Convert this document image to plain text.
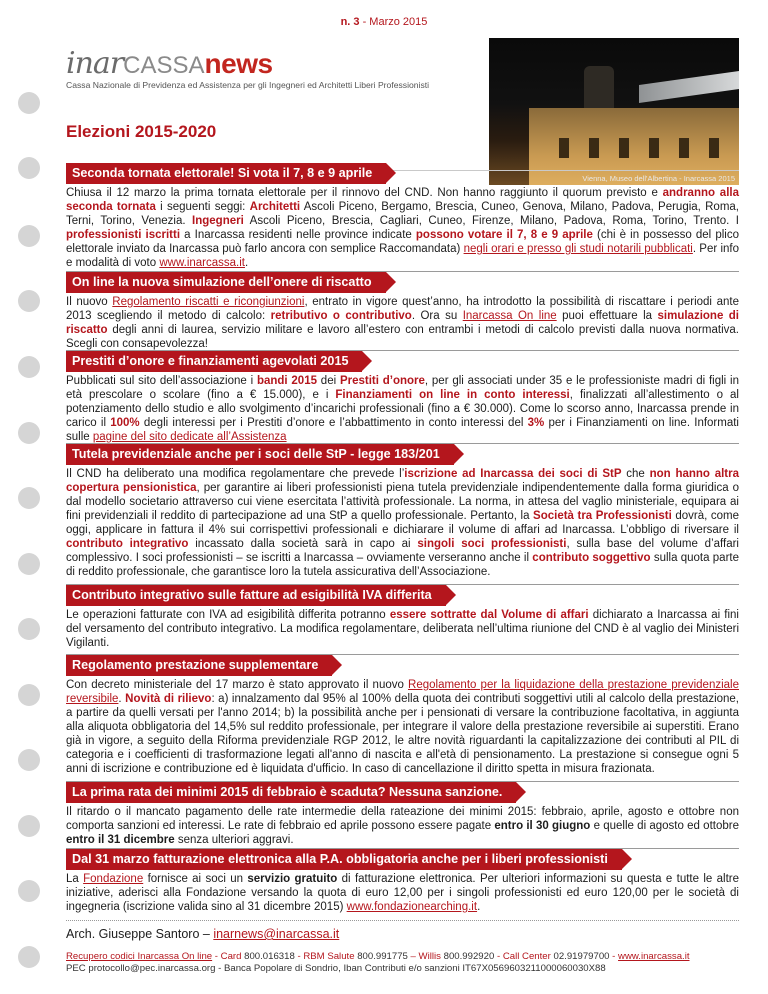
n. 3 - Marzo 2015
inar CASSA news
Cassa Nazionale di Previdenza ed Assistenza per gli Ingegneri ed Architetti Liberi Professionisti
Vienna, Museo dell'Albertina - Inarcassa 2015
Elezioni 2015-2020
Seconda tornata elettorale! Si vota il 7, 8 e 9 aprile
Chiusa il 12 marzo la prima tornata elettorale per il rinnovo del CND. Non hanno raggiunto il quorum previsto e andranno alla seconda tornata i seguenti seggi: Architetti Ascoli Piceno, Bergamo, Brescia, Cuneo, Genova, Milano, Padova, Perugia, Roma, Terni, Torino, Venezia. Ingegneri Ascoli Piceno, Brescia, Cagliari, Cuneo, Firenze, Milano, Padova, Roma, Torino, Trento. I professionisti iscritti a Inarcassa residenti nelle province indicate possono votare il 7, 8 e 9 aprile (chi è in possesso del plico elettorale inviato da Inarcassa può farlo ancora con semplice Raccomandata) negli orari e presso gli studi notarili pubblicati. Per info e modalità di voto www.inarcassa.it.
On line la nuova simulazione dell’onere di riscatto
Il nuovo Regolamento riscatti e ricongiunzioni, entrato in vigore quest’anno, ha introdotto la possibilità di riscattare i periodi ante 2013 scegliendo il metodo di calcolo: retributivo o contributivo. Ora su Inarcassa On line puoi effettuare la simulazione di riscatto degli anni di laurea, servizio militare e lavoro all’estero con entrambi i metodi di calcolo previsti dalla nuova normativa. Scegli con consapevolezza!
Prestiti d’onore e finanziamenti agevolati 2015
Pubblicati sul sito dell’associazione i bandi 2015 dei Prestiti d’onore, per gli associati under 35 e le professioniste madri di figli in età prescolare o scolare (fino a € 15.000), e i Finanziamenti on line in conto interessi, finalizzati all’allestimento o al potenziamento dello studio e allo svolgimento d’incarichi professionali (fino a € 30.000). Come lo scorso anno, Inarcassa prende in carico il 100% degli interessi per i Prestiti d’onore e l’abbattimento in conto interessi del 3% per i Finanziamenti on line. Informati sulle pagine del sito dedicate all’Assistenza
Tutela previdenziale anche per i soci delle StP - legge 183/201
Il CND ha deliberato una modifica regolamentare che prevede l’iscrizione ad Inarcassa dei soci di StP che non hanno altra copertura pensionistica, per garantire ai liberi professionisti piena tutela previdenziale indipendentemente dalla forma giuridica o dal modello societario attraverso cui viene esercitata l’attività professionale. La norma, in attesa del vaglio ministeriale, equipara ai fini previdenziali il reddito di partecipazione ad una StP a quello professionale. Pertanto, la Società tra Professionisti dovrà, come oggi, applicare in fattura il 4% sui corrispettivi professionali e dichiarare il volume di affari ad Inarcassa. L’obbligo di riversare il contributo integrativo incassato dalla società sarà in capo ai singoli soci professionisti, sulla base del volume d’affari complessivo. I soci professionisti – se iscritti a Inarcassa – ovviamente verseranno anche il contributo soggettivo sulla quota parte di reddito professionale, che garantisce loro la tutela assicurativa dell’Associazione.
Contributo integrativo sulle fatture ad esigibilità IVA differita
Le operazioni fatturate con IVA ad esigibilità differita potranno essere sottratte dal Volume di affari dichiarato a Inarcassa ai fini del versamento del contributo integrativo. La modifica regolamentare, deliberata nell’ultima riunione del CND è al vaglio dei Ministeri Vigilanti.
Regolamento prestazione supplementare
Con decreto ministeriale del 17 marzo è stato approvato il nuovo Regolamento per la liquidazione della prestazione previdenziale reversibile. Novità di rilievo: a) innalzamento dal 95% al 100% della quota dei contributi soggettivi utili al calcolo della prestazione, a partire da quelli versati per l'anno 2014; b) la possibilità anche per i pensionati di versare la contribuzione facoltativa, in aggiunta alla aliquota obbligatoria del 14,5% sul reddito professionale, per integrare il valore della prestazione reversibile ai superstiti. Erano già in vigore, a seguito della Riforma previdenziale RGP 2012, le altre novità riguardanti la capitalizzazione dei contributi al PIL di categoria e i coefficienti di trasformazione legati all'anno di nascita e all'età di pensionamento. La prestazione si consegue ogni 5 anni di iscrizione e contribuzione ed è liquidata d'ufficio. In caso di cancellazione il diritto spetta in misura frazionata.
La prima rata dei minimi 2015 di febbraio è scaduta? Nessuna sanzione.
Il ritardo o il mancato pagamento delle rate intermedie della rateazione dei minimi 2015: febbraio, aprile, agosto e ottobre non comporta sanzioni ed interessi. Le rate di febbraio ed aprile possono essere pagate entro il 30 giugno e quelle di agosto ed ottobre entro il 31 dicembre senza ulteriori aggravi.
Dal 31 marzo fatturazione elettronica alla P.A. obbligatoria anche per i liberi professionisti
La Fondazione fornisce ai soci un servizio gratuito di fatturazione elettronica. Per ulteriori informazioni su questa e tutte le altre iniziative, aderisci alla Fondazione versando la quota di euro 12,00 per i singoli professionisti ed euro 120,00 per le società di ingegneria (iscrizione valida sino al 31 dicembre 2015) www.fondazionearching.it.
Arch. Giuseppe Santoro – inarnews@inarcassa.it
Recupero codici Inarcassa On line - Card 800.016318 - RBM Salute 800.991775 – Willis 800.992920 - Call Center 02.91979700 - www.inarcassa.it
PEC protocollo@pec.inarcassa.org - Banca Popolare di Sondrio, Iban Contributi e/o sanzioni IT67X0569603211000060030X88
